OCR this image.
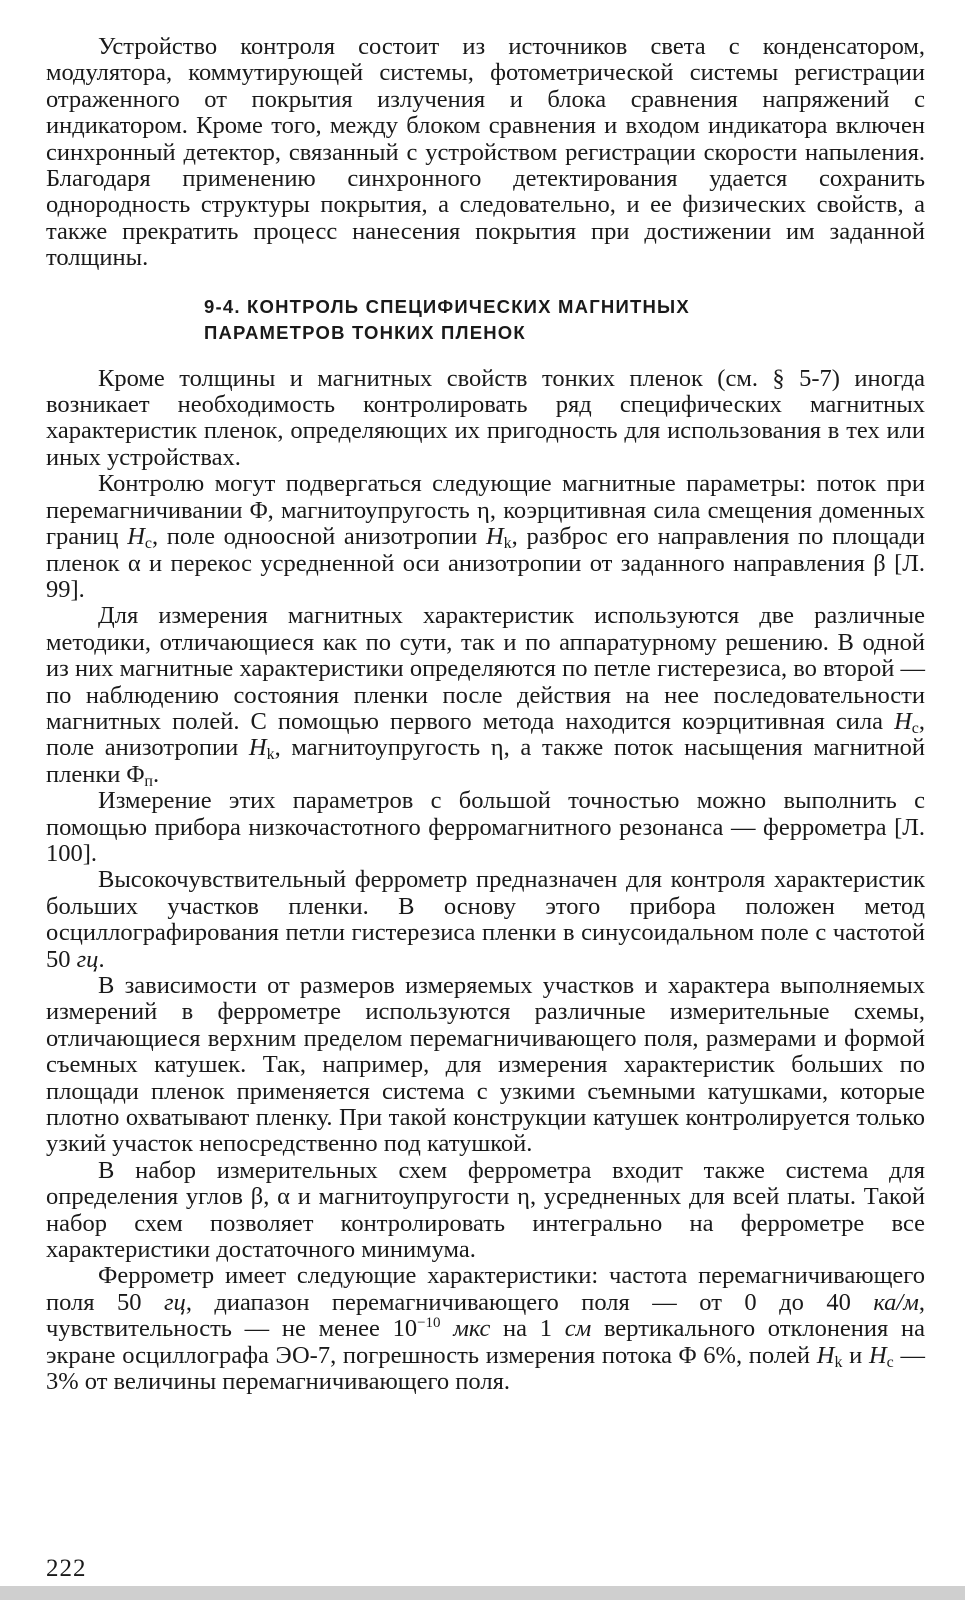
Устройство контроля состоит из источников света с конденсатором, модулятора, коммутирующей системы, фотометрической системы регистрации отраженного от покрытия излучения и блока сравнения напряжений с индикатором. Кроме того, между блоком сравнения и входом индикатора включен синхронный детектор, связанный с устройством регистрации скорости напыления. Благодаря применению синхронного детектирования удается сохранить однородность структуры покрытия, а следовательно, и ее физических свойств, а также прекратить процесс нанесения покрытия при достижении им заданной толщины.

9-4. КОНТРОЛЬ СПЕЦИФИЧЕСКИХ МАГНИТНЫХ
ПАРАМЕТРОВ ТОНКИХ ПЛЕНОК

Кроме толщины и магнитных свойств тонких пленок (см. § 5-7) иногда возникает необходимость контролировать ряд специфических магнитных характеристик пленок, определяющих их пригодность для использования в тех или иных устройствах.

Контролю могут подвергаться следующие магнитные параметры: поток при перемагничивании Φ, магнитоупругость η, коэрцитивная сила смещения доменных границ $H_c$, поле одноосной анизотропии $H_k$, разброс его направления по площади пленок α и перекос усредненной оси анизотропии от заданного направления β [Л. 99].

Для измерения магнитных характеристик используются две различные методики, отличающиеся как по сути, так и по аппаратурному решению. В одной из них магнитные характеристики определяются по петле гистерезиса, во второй — по наблюдению состояния пленки после действия на нее последовательности магнитных полей. С помощью первого метода находится коэрцитивная сила $H_c$, поле анизотропии $H_k$, магнитоупругость η, а также поток насыщения магнитной пленки $\Phi_п$.

Измерение этих параметров с большой точностью можно выполнить с помощью прибора низкочастотного ферромагнитного резонанса — феррометра [Л. 100].

Высокочувствительный феррометр предназначен для контроля характеристик больших участков пленки. В основу этого прибора положен метод осциллографирования петли гистерезиса пленки в синусоидальном поле с частотой 50 гц.

В зависимости от размеров измеряемых участков и характера выполняемых измерений в феррометре используются различные измерительные схемы, отличающиеся верхним пределом перемагничивающего поля, размерами и формой съемных катушек. Так, например, для измерения характеристик больших по площади пленок применяется система с узкими съемными катушками, которые плотно охватывают пленку. При такой конструкции катушек контролируется только узкий участок непосредственно под катушкой.

В набор измерительных схем феррометра входит также система для определения углов β, α и магнитоупругости η, усредненных для всей платы. Такой набор схем позволяет контролировать интегрально на феррометре все характеристики достаточного минимума.

Феррометр имеет следующие характеристики: частота перемагничивающего поля 50 гц, диапазон перемагничивающего поля — от 0 до 40 ка/м, чувствительность — не менее $10^{-10}$ мкс на 1 см вертикального отклонения на экране осциллографа ЭО-7, погрешность измерения потока Φ 6%, полей $H_k$ и $H_c$ — 3% от величины перемагничивающего поля.

222
